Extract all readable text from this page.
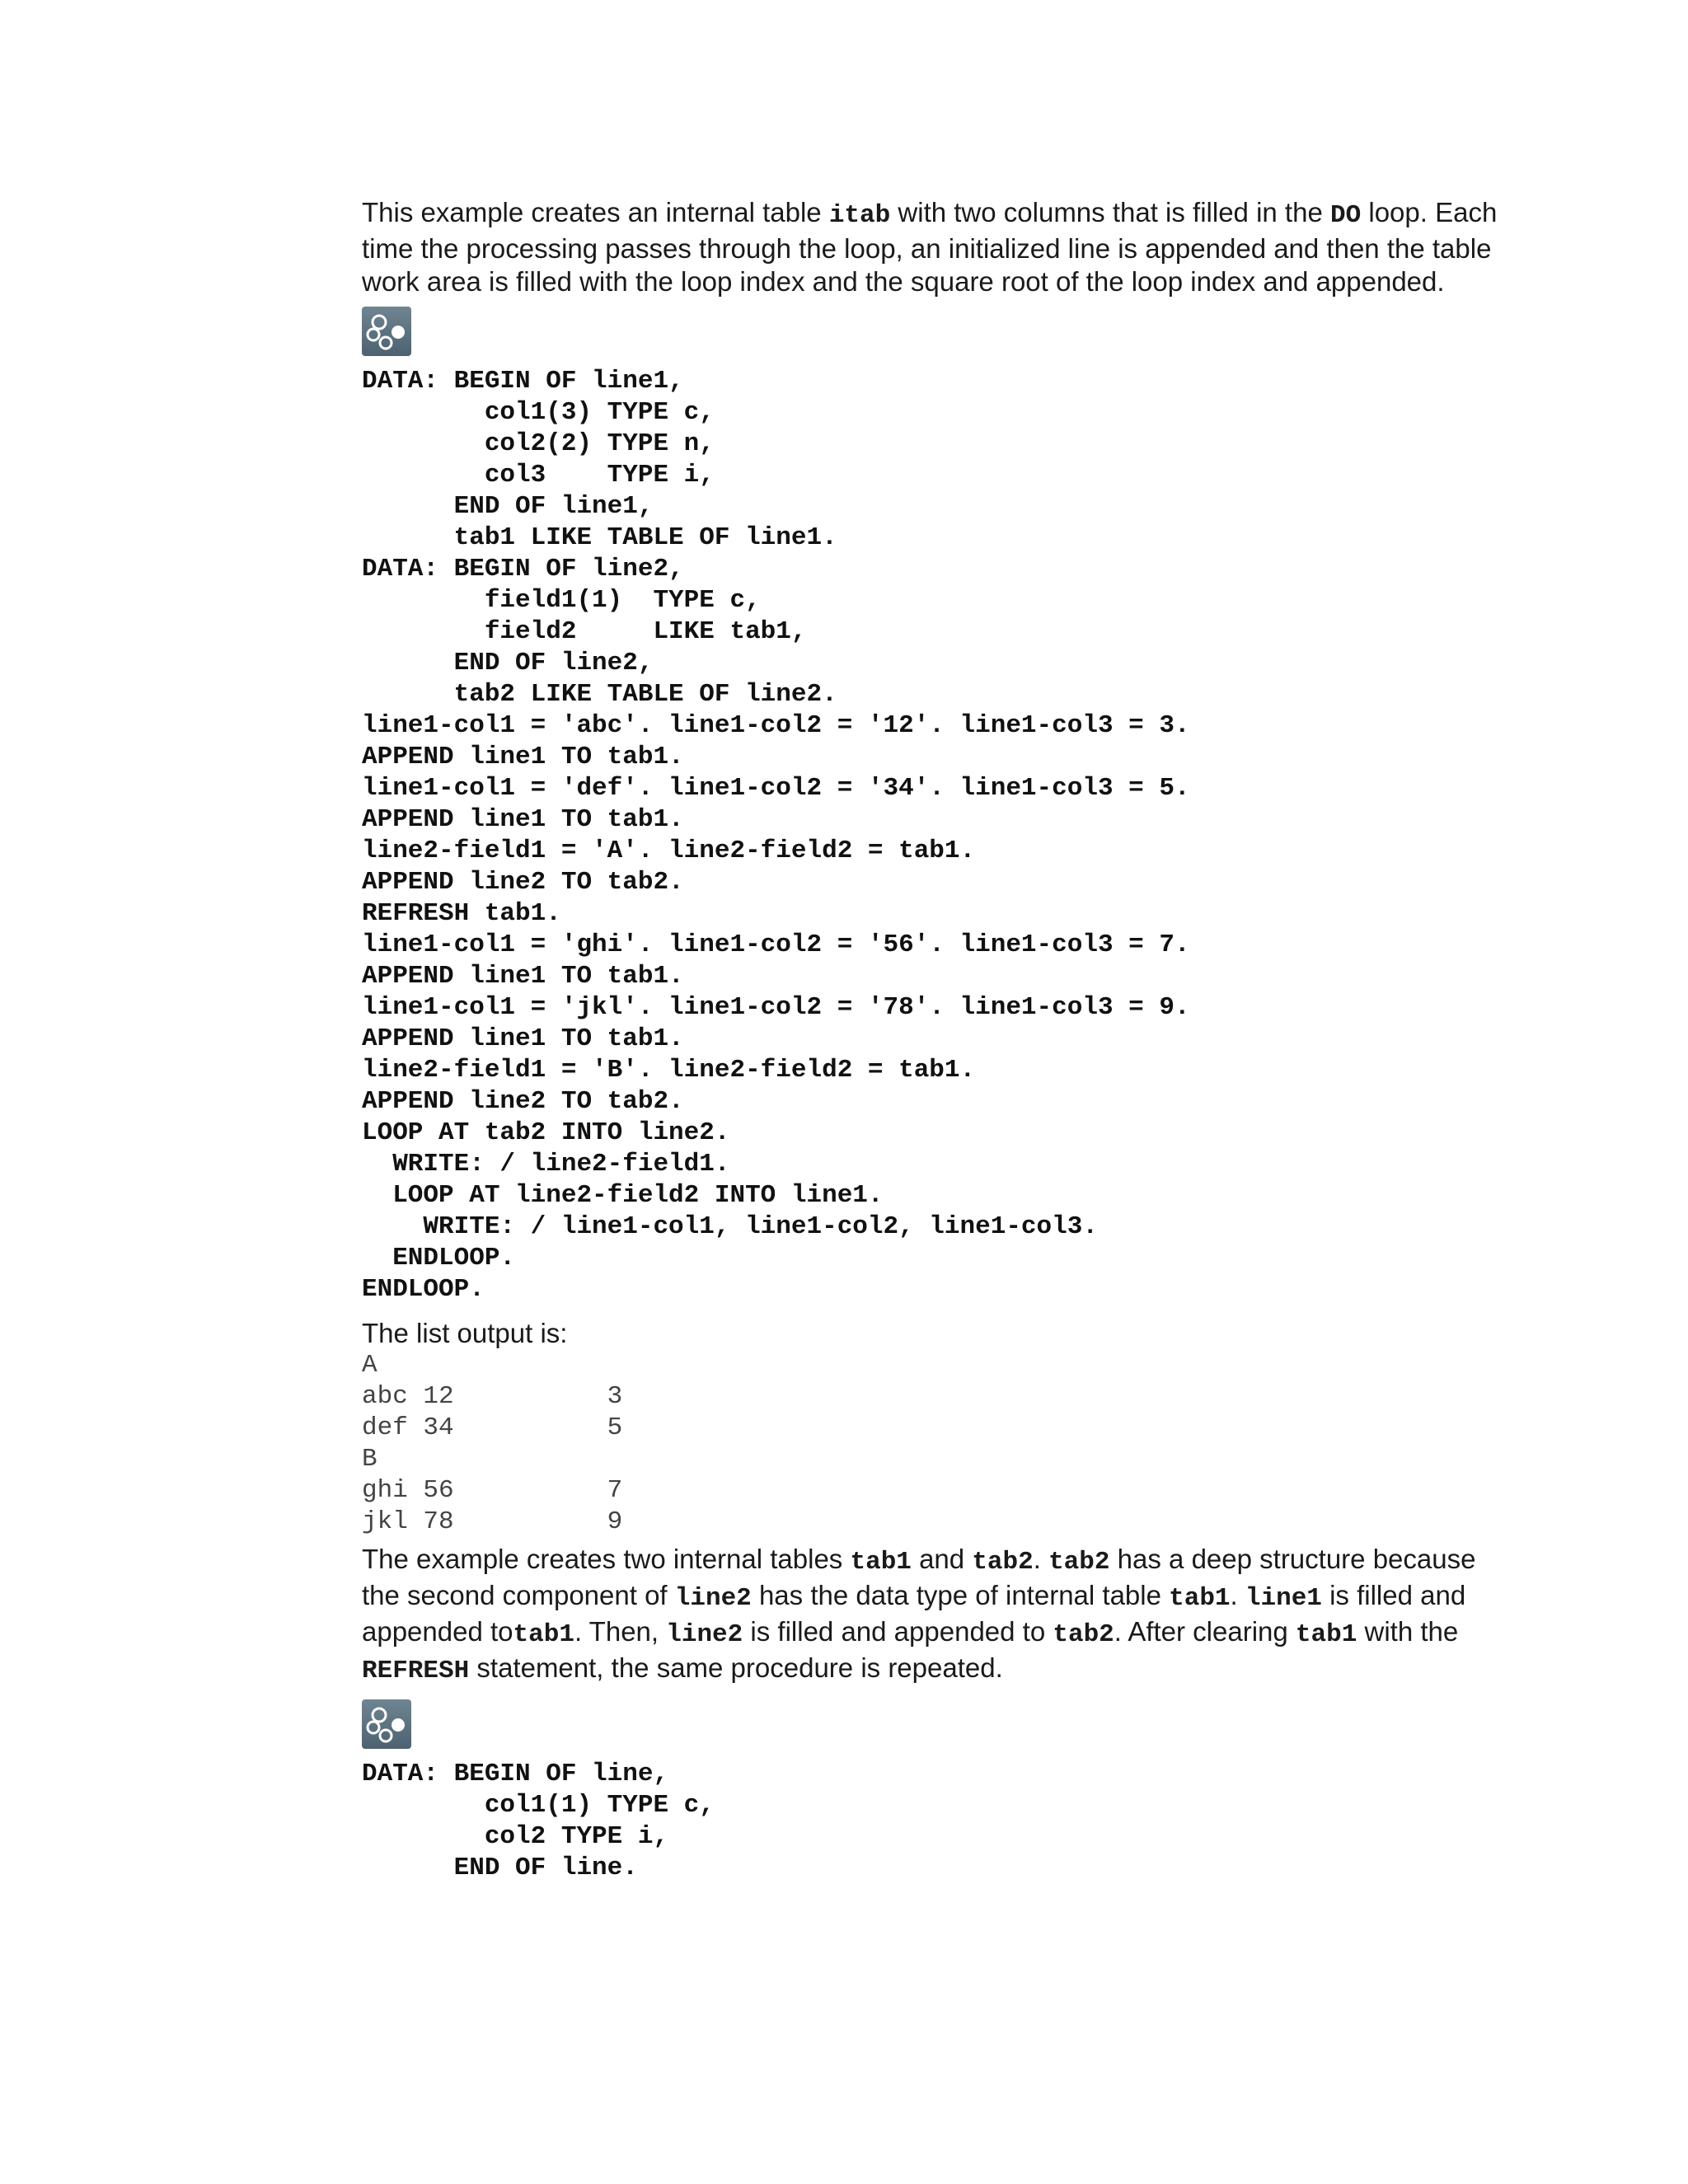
This example creates an internal table itab with two columns that is filled in the DO loop. Each time the processing passes through the loop, an initialized line is appended and then the table work area is filled with the loop index and the square root of the loop index and appended.

DATA: BEGIN OF line1,
col1(3) TYPE c,
col2(2) TYPE n,
col3    TYPE i,
END OF line1,
tab1 LIKE TABLE OF line1.
DATA: BEGIN OF line2,
field1(1)  TYPE c,
field2     LIKE tab1,
END OF line2,
tab2 LIKE TABLE OF line2.
line1-col1 = 'abc'. line1-col2 = '12'. line1-col3 = 3.
APPEND line1 TO tab1.
line1-col1 = 'def'. line1-col2 = '34'. line1-col3 = 5.
APPEND line1 TO tab1.
line2-field1 = 'A'. line2-field2 = tab1.
APPEND line2 TO tab2.
REFRESH tab1.
line1-col1 = 'ghi'. line1-col2 = '56'. line1-col3 = 7.
APPEND line1 TO tab1.
line1-col1 = 'jkl'. line1-col2 = '78'. line1-col3 = 9.
APPEND line1 TO tab1.
line2-field1 = 'B'. line2-field2 = tab1.
APPEND line2 TO tab2.
LOOP AT tab2 INTO line2.
WRITE: / line2-field1.
LOOP AT line2-field2 INTO line1.
WRITE: / line1-col1, line1-col2, line1-col3.
ENDLOOP.
ENDLOOP.

The list output is:

A
abc 12          3
def 34          5
B
ghi 56          7
jkl 78          9

The example creates two internal tables tab1 and tab2. tab2 has a deep structure because the second component of line2 has the data type of internal table tab1. line1 is filled and appended totab1. Then, line2 is filled and appended to tab2. After clearing tab1 with the REFRESH statement, the same procedure is repeated.

DATA: BEGIN OF line,
col1(1) TYPE c,
col2 TYPE i,
END OF line.
